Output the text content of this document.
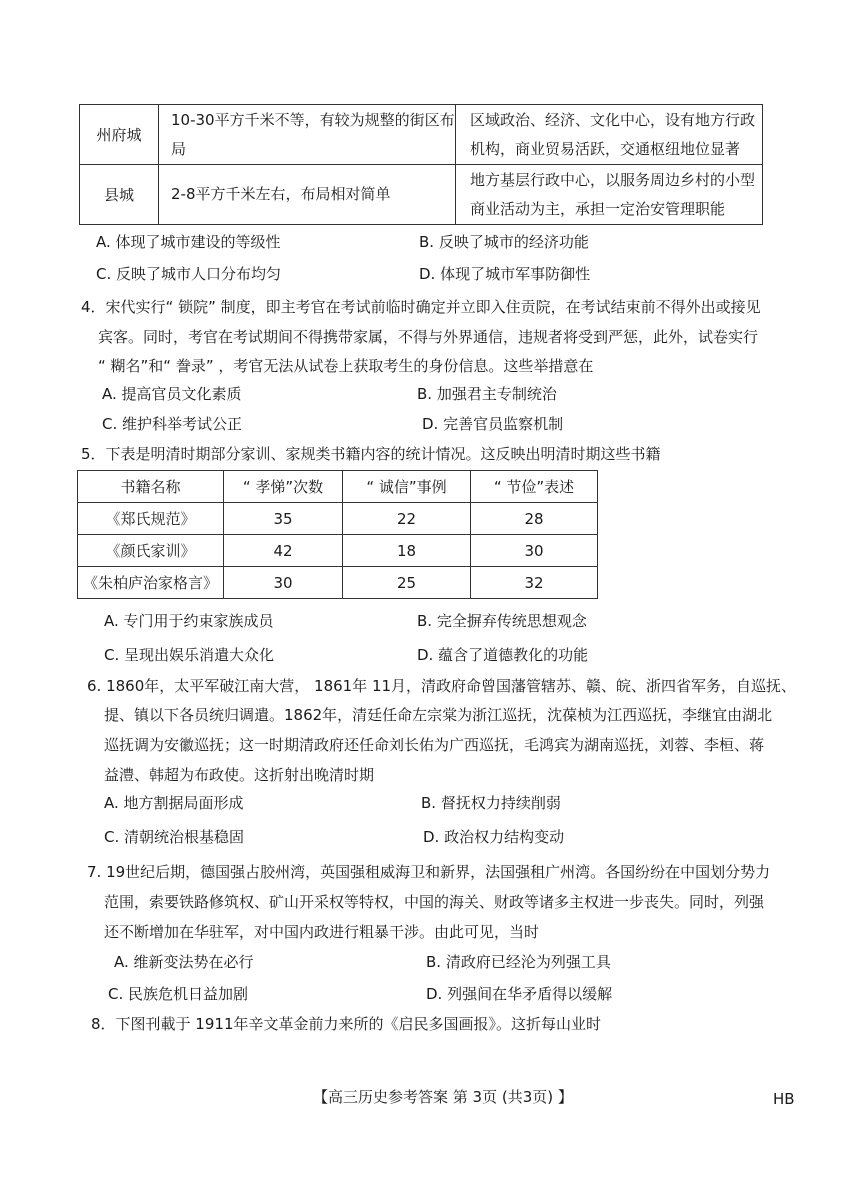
州府城	10-30平方千米不等，有较为规整的街区布局	区域政治、经济、文化中心，设有地方行政机构，商业贸易活跃，交通枢纽地位显著
县城	2-8平方千米左右，布局相对简单	地方基层行政中心，以服务周边乡村的小型商业活动为主，承担一定治安管理职能
A. 体现了城市建设的等级性	B. 反映了城市的经济功能
C. 反映了城市人口分布均匀	D. 体现了城市军事防御性
4．宋代实行“ 锁院” 制度，即主考官在考试前临时确定并立即入住贡院，在考试结束前不得外出或接见
宾客。同时，考官在考试期间不得携带家属，不得与外界通信，违规者将受到严惩，此外，试卷实行
“ 糊名”和“ 誊录” ，考官无法从试卷上获取考生的身份信息。这些举措意在
A. 提高官员文化素质	B. 加强君主专制统治
C. 维护科举考试公正	D. 完善官员监察机制
5．下表是明清时期部分家训、家规类书籍内容的统计情况。这反映出明清时期这些书籍
书籍名称	“ 孝悌”次数	“ 诚信”事例	“ 节俭”表述
《郑氏规范》	35	22	28
《颜氏家训》	42	18	30
《朱柏庐治家格言》	30	25	32
A. 专门用于约束家族成员	B. 完全摒弃传统思想观念
C. 呈现出娱乐消遣大众化	D. 蕴含了道德教化的功能
6. 1860年，太平军破江南大营， 1861年 11月，清政府命曾国藩管辖苏、赣、皖、浙四省军务，自巡抚、
提、镇以下各员统归调遣。1862年，清廷任命左宗棠为浙江巡抚，沈葆桢为江西巡抚，李继宜由湖北
巡抚调为安徽巡抚；这一时期清政府还任命刘长佑为广西巡抚，毛鸿宾为湖南巡抚，刘蓉、李桓、蒋
益澧、韩超为布政使。这折射出晚清时期
A. 地方割据局面形成	B. 督抚权力持续削弱
C. 清朝统治根基稳固	D. 政治权力结构变动
7. 19世纪后期，德国强占胶州湾，英国强租威海卫和新界，法国强租广州湾。各国纷纷在中国划分势力
范围，索要铁路修筑权、矿山开采权等特权，中国的海关、财政等诸多主权进一步丧失。同时，列强
还不断增加在华驻军，对中国内政进行粗暴干涉。由此可见，当时
A. 维新变法势在必行	B. 清政府已经沦为列强工具
C. 民族危机日益加剧	D. 列强间在华矛盾得以缓解
8．下图刊載于 1911年辛文革金前力来所的《启民多国画报》。这折每山业时
【高三历史参考答案 第 3页 (共3页) 】	HB
